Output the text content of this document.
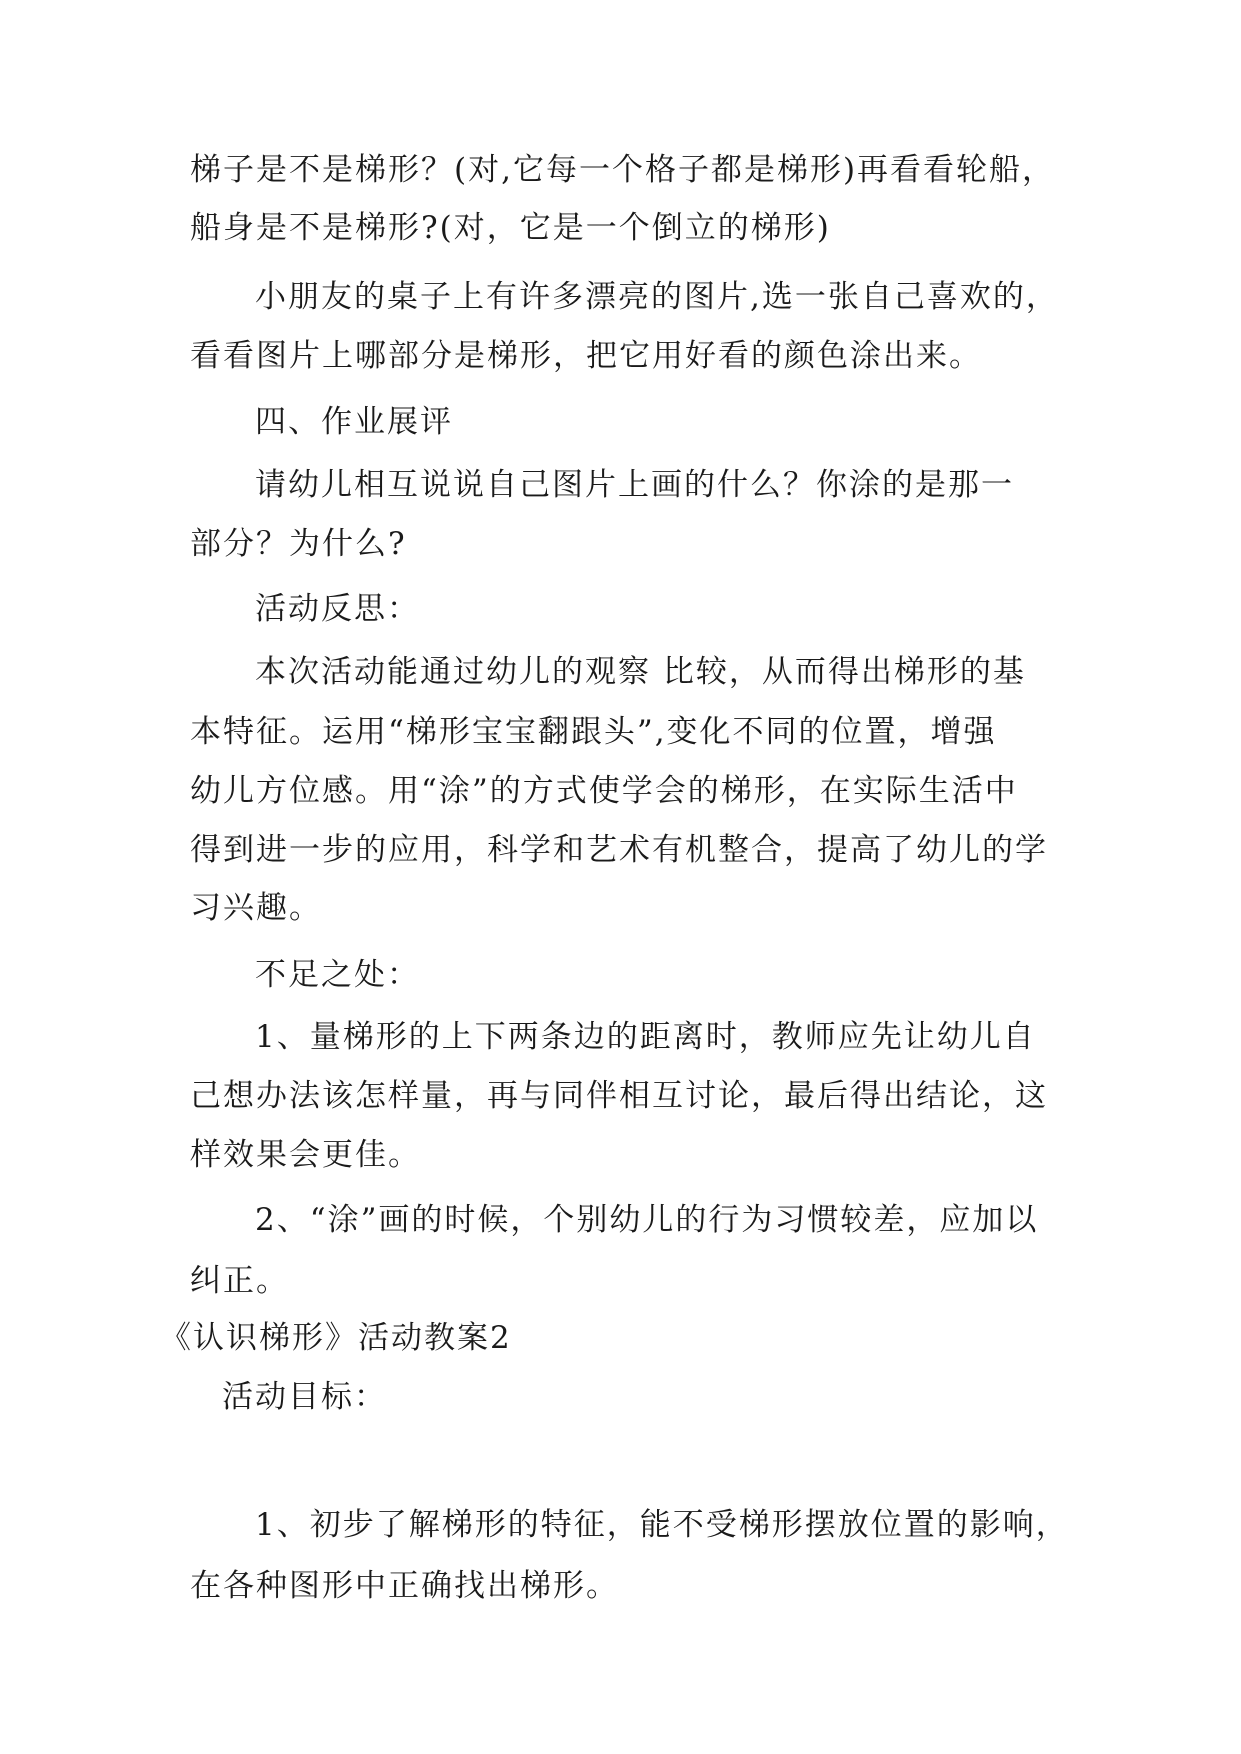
梯子是不是梯形？(对,它每一个格子都是梯形)再看看轮船，
船身是不是梯形?(对，它是一个倒立的梯形)
小朋友的桌子上有许多漂亮的图片,选一张自己喜欢的，
看看图片上哪部分是梯形，把它用好看的颜色涂出来。
四、作业展评
请幼儿相互说说自己图片上画的什么？你涂的是那一
部分？为什么?
活动反思：
本次活动能通过幼儿的观察 比较，从而得出梯形的基
本特征。运用“梯形宝宝翻跟头”,变化不同的位置，增强
幼儿方位感。用“涂”的方式使学会的梯形，在实际生活中
得到进一步的应用，科学和艺术有机整合，提高了幼儿的学
习兴趣。
不足之处：
1、量梯形的上下两条边的距离时，教师应先让幼儿自
己想办法该怎样量，再与同伴相互讨论，最后得出结论，这
样效果会更佳。
2、“涂”画的时候，个别幼儿的行为习惯较差，应加以
纠正。
《认识梯形》活动教案2
活动目标：
1、初步了解梯形的特征，能不受梯形摆放位置的影响，
在各种图形中正确找出梯形。
